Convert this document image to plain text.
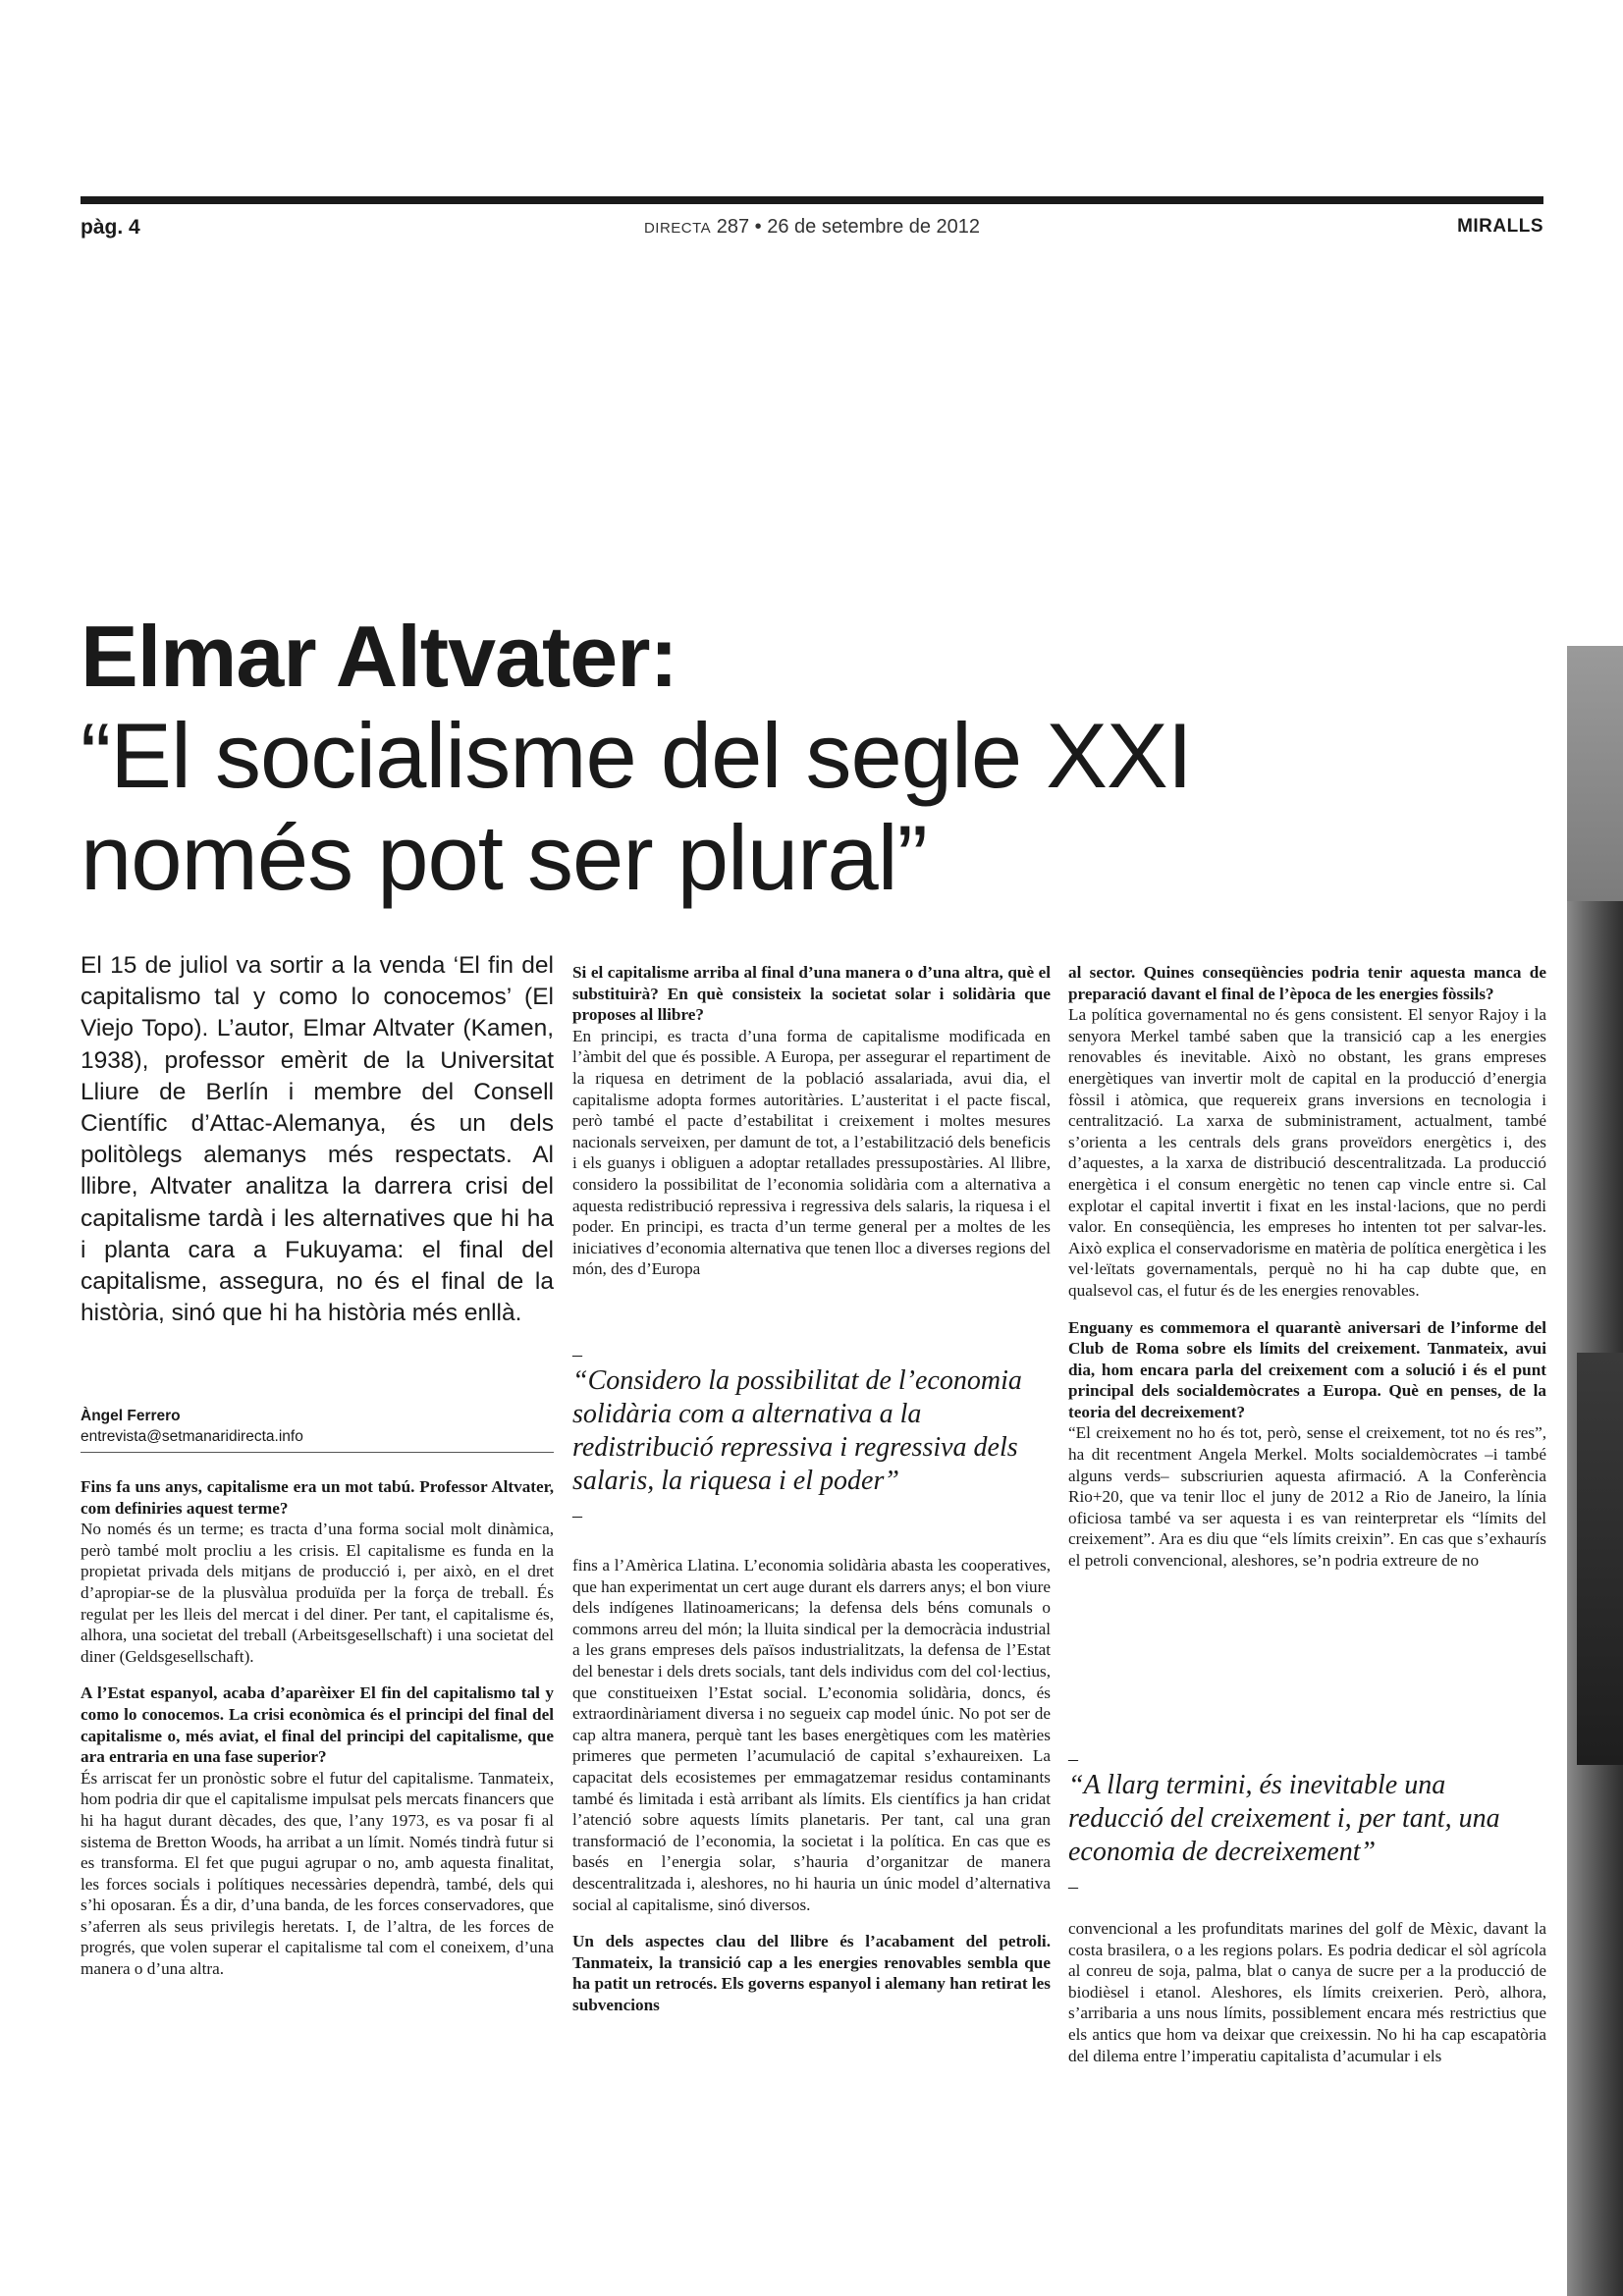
pàg. 4	DIRECTA 287 • 26 de setembre de 2012	MIRALLS
Elmar Altvater:
“El socialisme del segle XXI
només pot ser plural”
El 15 de juliol va sortir a la venda ‘El fin del capitalismo tal y como lo conocemos’ (El Viejo Topo). L’autor, Elmar Altvater (Kamen, 1938), professor emèrit de la Universitat Lliure de Berlín i membre del Consell Científic d’Attac-Alemanya, és un dels politòlegs alemanys més respectats. Al llibre, Altvater analitza la darrera crisi del capitalisme tardà i les alternatives que hi ha i planta cara a Fukuyama: el final del capitalisme, assegura, no és el final de la història, sinó que hi ha història més enllà.
Àngel Ferrero
entrevista@setmanaridirecta.info

Fins fa uns anys, capitalisme era un mot tabú. Professor Altvater, com definiries aquest terme?

No només és un terme; es tracta d’una forma social molt dinàmica, però també molt procliu a les crisis. El capitalisme es funda en la propietat privada dels mitjans de producció i, per això, en el dret d’apropiar-se de la plusvàlua produïda per la força de treball. És regulat per les lleis del mercat i del diner. Per tant, el capitalisme és, alhora, una societat del treball (Arbeitsgesellschaft) i una societat del diner (Geldsgesellschaft).

A l’Estat espanyol, acaba d’aparèixer El fin del capitalismo tal y como lo conocemos. La crisi econòmica és el principi del final del capitalisme o, més aviat, el final del principi del capitalisme, que ara entraria en una fase superior?

És arriscat fer un pronòstic sobre el futur del capitalisme. Tanmateix, hom podria dir que el capitalisme impulsat pels mercats financers que hi ha hagut durant dècades, des que, l’any 1973, es va posar fi al sistema de Bretton Woods, ha arribat a un límit. Només tindrà futur si es transforma. El fet que pugui agrupar o no, amb aquesta finalitat, les forces socials i polítiques necessàries dependrà, també, dels qui s’hi oposaran. És a dir, d’una banda, de les forces conservadores, que s’aferren als seus privilegis heretats. I, de l’altra, de les forces de progrés, que volen superar el capitalisme tal com el coneixem, d’una manera o d’una altra.

Si el capitalisme arriba al final d’una manera o d’una altra, què el substituirà? En què consisteix la societat solar i solidària que proposes al llibre?

En principi, es tracta d’una forma de capitalisme modificada en l’àmbit del que és possible. A Europa, per assegurar el repartiment de la riquesa en detriment de la població assalariada, avui dia, el capitalisme adopta formes autoritàries. L’austeritat i el pacte fiscal, però també el pacte d’estabilitat i creixement i moltes mesures nacionals serveixen, per damunt de tot, a l’estabilització dels beneficis i els guanys i obliguen a adoptar retallades pressupostàries. Al llibre, considero la possibilitat de l’economia solidària com a alternativa a aquesta redistribució repressiva i regressiva dels salaris, la riquesa i el poder. En principi, es tracta d’un terme general per a moltes de les iniciatives d’economia alternativa que tenen lloc a diverses regions del món, des d’Europa

–
“Considero la possibilitat de l’economia solidària com a alternativa a la redistribució repressiva i regressiva dels salaris, la riquesa i el poder”
–

fins a l’Amèrica Llatina. L’economia solidària abasta les cooperatives, que han experimentat un cert auge durant els darrers anys; el bon viure dels indígenes llatinoamericans; la defensa dels béns comunals o commons arreu del món; la lluita sindical per la democràcia industrial a les grans empreses dels països industrialitzats, la defensa de l’Estat del benestar i dels drets socials, tant dels individus com del col·lectius, que constitueixen l’Estat social. L’economia solidària, doncs, és extraordinàriament diversa i no segueix cap model únic. No pot ser de cap altra manera, perquè tant les bases energètiques com les matèries primeres que permeten l’acumulació de capital s’exhaureixen. La capacitat dels ecosistemes per emmagatzemar residus contaminants també és limitada i està arribant als límits. Els científics ja han cridat l’atenció sobre aquests límits planetaris. Per tant, cal una gran transformació de l’economia, la societat i la política. En cas que es basés en l’energia solar, s’hauria d’organitzar de manera descentralitzada i, aleshores, no hi hauria un únic model d’alternativa social al capitalisme, sinó diversos.

Un dels aspectes clau del llibre és l’acabament del petroli. Tanmateix, la transició cap a les energies renovables sembla que ha patit un retrocés. Els governs espanyol i alemany han retirat les subvencions

al sector. Quines conseqüències podria tenir aquesta manca de preparació davant el final de l’època de les energies fòssils?

La política governamental no és gens consistent. El senyor Rajoy i la senyora Merkel també saben que la transició cap a les energies renovables és inevitable. Això no obstant, les grans empreses energètiques van invertir molt de capital en la producció d’energia fòssil i atòmica, que requereix grans inversions en tecnologia i centralització. La xarxa de subministrament, actualment, també s’orienta a les centrals dels grans proveïdors energètics i, des d’aquestes, a la xarxa de distribució descentralitzada. La producció energètica i el consum energètic no tenen cap vincle entre si. Cal explotar el capital invertit i fixat en les instal·lacions, que no perdi valor. En conseqüència, les empreses ho intenten tot per salvar-les. Això explica el conservadorisme en matèria de política energètica i les vel·leïtats governamentals, perquè no hi ha cap dubte que, en qualsevol cas, el futur és de les energies renovables.

Enguany es commemora el quarantè aniversari de l’informe del Club de Roma sobre els límits del creixement. Tanmateix, avui dia, hom encara parla del creixement com a solució i és el punt principal dels socialdemòcrates a Europa. Què en penses, de la teoria del decreixement?

“El creixement no ho és tot, però, sense el creixement, tot no és res”, ha dit recentment Angela Merkel. Molts socialdemòcrates –i també alguns verds– subscriurien aquesta afirmació. A la Conferència Rio+20, que va tenir lloc el juny de 2012 a Rio de Janeiro, la línia oficiosa també va ser aquesta i es van reinterpretar els “límits del creixement”. Ara es diu que “els límits creixin”. En cas que s’exhaurís el petroli convencional, aleshores, se’n podria extreure de no

–
“A llarg termini, és inevitable una reducció del creixement i, per tant, una economia de decreixement”
–

convencional a les profunditats marines del golf de Mèxic, davant la costa brasilera, o a les regions polars. Es podria dedicar el sòl agrícola al conreu de soja, palma, blat o canya de sucre per a la producció de biodièsel i etanol. Aleshores, els límits creixerien. Però, alhora, s’arribaria a uns nous límits, possiblement encara més restrictius que els antics que hom va deixar que creixessin. No hi ha cap escapatòria del dilema entre l’imperatiu capitalista d’acumular i els
